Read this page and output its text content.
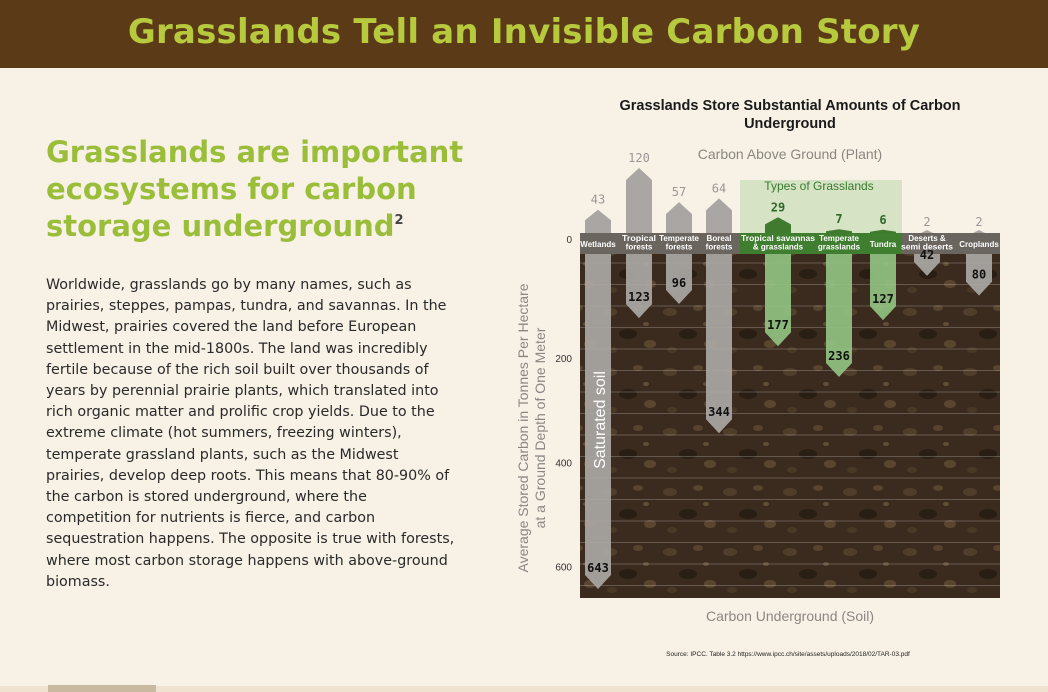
Grasslands Tell an Invisible Carbon Story
Grasslands are important ecosystems for carbon storage underground$^2$

Worldwide, grasslands go by many names, such as prairies, steppes, pampas, tundra, and savannas. In the Midwest, prairies covered the land before European settlement in the mid-1800s. The land was incredibly fertile because of the rich soil built over thousands of years by perennial prairie plants, which translated into rich organic matter and prolific crop yields. Due to the extreme climate (hot summers, freezing winters), temperate grassland plants, such as the Midwest prairies, develop deep roots. This means that 80-90% of the carbon is stored underground, where the competition for nutrients is fierce, and carbon sequestration happens. The opposite is true with forests, where most carbon storage happens with above-ground biomass.

Grasslands Store Substantial Amounts of Carbon
Underground
Carbon Above Ground (Plant)
Types of Grasslands
43
120
57 64
29
7	6	2	2
643
123
96
344
177
236
127
42
80
Wetlands
Tropical
forests
Temperate
forests
Boreal
forests
Tropical savannas
& grasslands
Temperate
grasslands Tundra
Deserts &
semi deserts Croplands
0
200
400
600
Saturated soil
Average Stored Carbon in Tonnes Per Hectare at a Ground Depth of One Meter
Carbon Underground (Soil)
Source: IPCC. Table 3.2 https://www.ipcc.ch/site/assets/uploads/2018/02/TAR-03.pdf
